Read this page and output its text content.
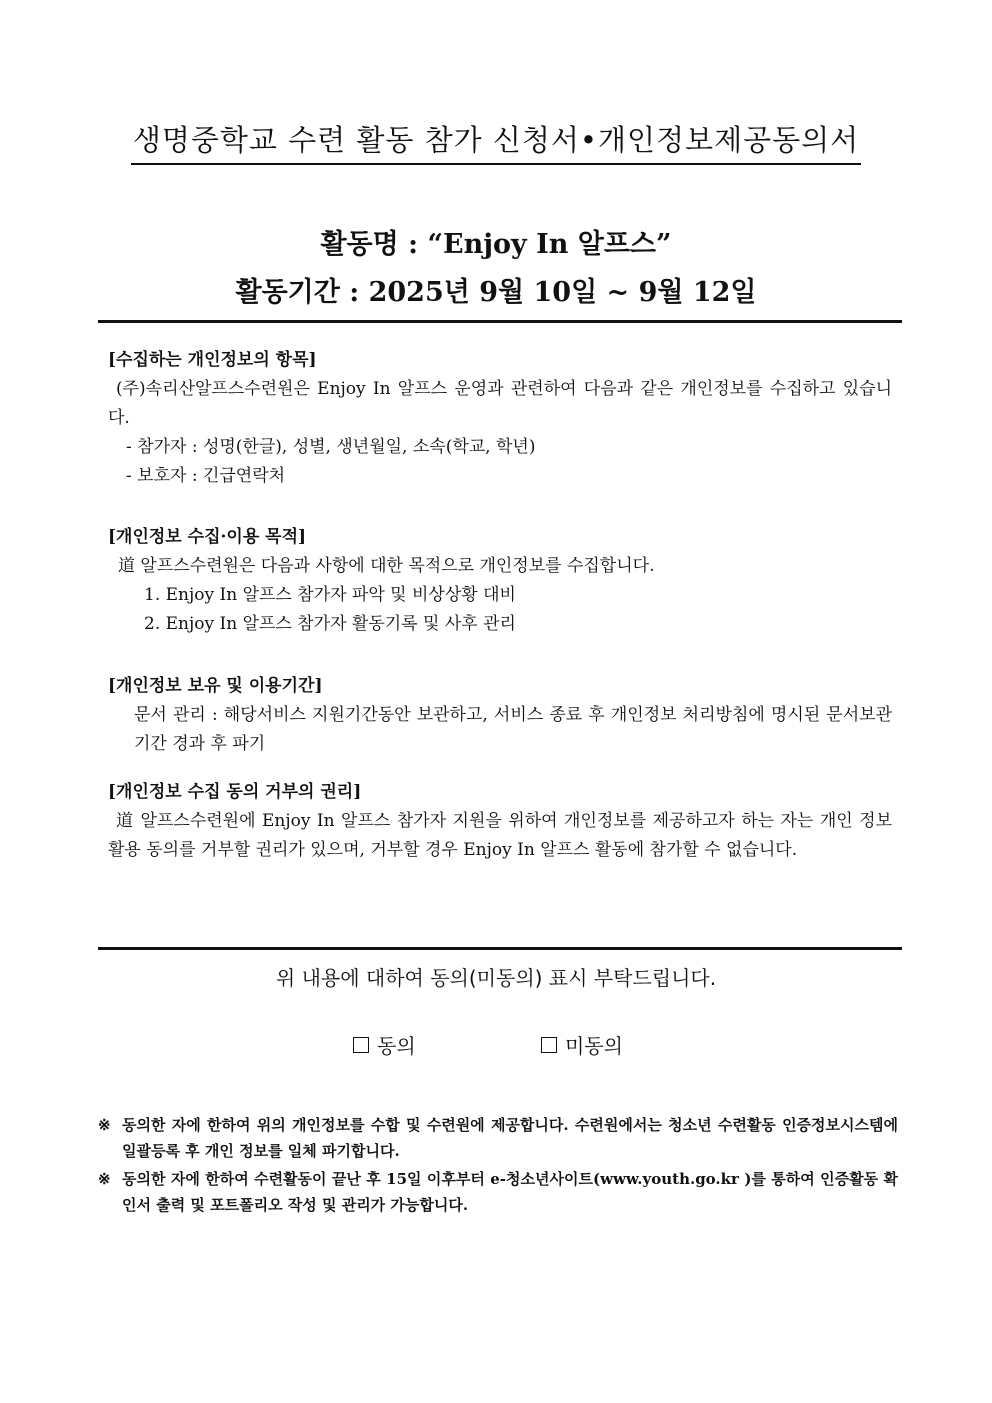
생명중학교 수련 활동 참가 신청서•개인정보제공동의서
활동명 : “Enjoy In 알프스”
활동기간 : 2025년 9월 10일 ~ 9월 12일
[수집하는 개인정보의 항목]
(주)속리산알프스수련원은 Enjoy In 알프스 운영과 관련하여 다음과 같은 개인정보를 수집하고 있습니다.
- 참가자 : 성명(한글), 성별, 생년월일, 소속(학교, 학년)
- 보호자 : 긴급연락처
[개인정보 수집·이용 목적]
道 알프스수련원은 다음과 사항에 대한 목적으로 개인정보를 수집합니다.
1. Enjoy In 알프스 참가자 파악 및 비상상황 대비
2. Enjoy In 알프스 참가자 활동기록 및 사후 관리
[개인정보 보유 및 이용기간]
문서 관리 : 해당서비스 지원기간동안 보관하고, 서비스 종료 후 개인정보 처리방침에 명시된 문서보관기간 경과 후 파기
[개인정보 수집 동의 거부의 권리]
道 알프스수련원에 Enjoy In 알프스 참가자 지원을 위하여 개인정보를 제공하고자 하는 자는 개인 정보 활용 동의를 거부할 권리가 있으며, 거부할 경우 Enjoy In 알프스 활동에 참가할 수 없습니다.
위 내용에 대하여 동의(미동의) 표시 부탁드립니다.
동의	미동의
※ 동의한 자에 한하여 위의 개인정보를 수합 및 수련원에 제공합니다. 수련원에서는 청소년 수련활동 인증정보시스템에 일괄등록 후 개인 정보를 일체 파기합니다.
※ 동의한 자에 한하여 수련활동이 끝난 후 15일 이후부터 e-청소년사이트(www.youth.go.kr )를 통하여 인증활동 확인서 출력 및 포트폴리오 작성 및 관리가 가능합니다.
